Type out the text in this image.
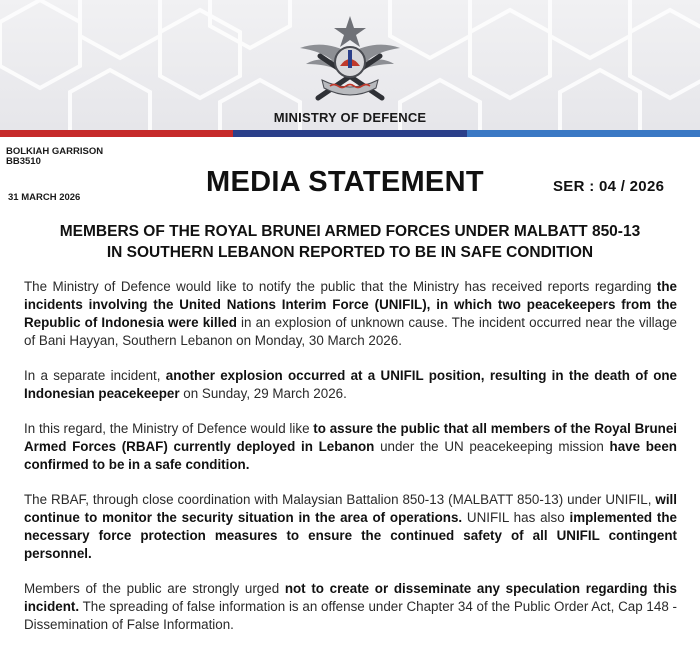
MINISTRY OF DEFENCE
BOLKIAH GARRISON
BB3510
31 MARCH 2026	MEDIA STATEMENT	SER : 04 / 2026
MEMBERS OF THE ROYAL BRUNEI ARMED FORCES UNDER MALBATT 850-13
IN SOUTHERN LEBANON REPORTED TO BE IN SAFE CONDITION

The Ministry of Defence would like to notify the public that the Ministry has received reports regarding the incidents involving the United Nations Interim Force (UNIFIL), in which two peacekeepers from the Republic of Indonesia were killed in an explosion of unknown cause. The incident occurred near the village of Bani Hayyan, Southern Lebanon on Monday, 30 March 2026.

In a separate incident, another explosion occurred at a UNIFIL position, resulting in the death of one Indonesian peacekeeper on Sunday, 29 March 2026.

In this regard, the Ministry of Defence would like to assure the public that all members of the Royal Brunei Armed Forces (RBAF) currently deployed in Lebanon under the UN peacekeeping mission have been confirmed to be in a safe condition.

The RBAF, through close coordination with Malaysian Battalion 850-13 (MALBATT 850-13) under UNIFIL, will continue to monitor the security situation in the area of operations. UNIFIL has also implemented the necessary force protection measures to ensure the continued safety of all UNIFIL contingent personnel.

Members of the public are strongly urged not to create or disseminate any speculation regarding this incident. The spreading of false information is an offense under Chapter 34 of the Public Order Act, Cap 148 - Dissemination of False Information.
